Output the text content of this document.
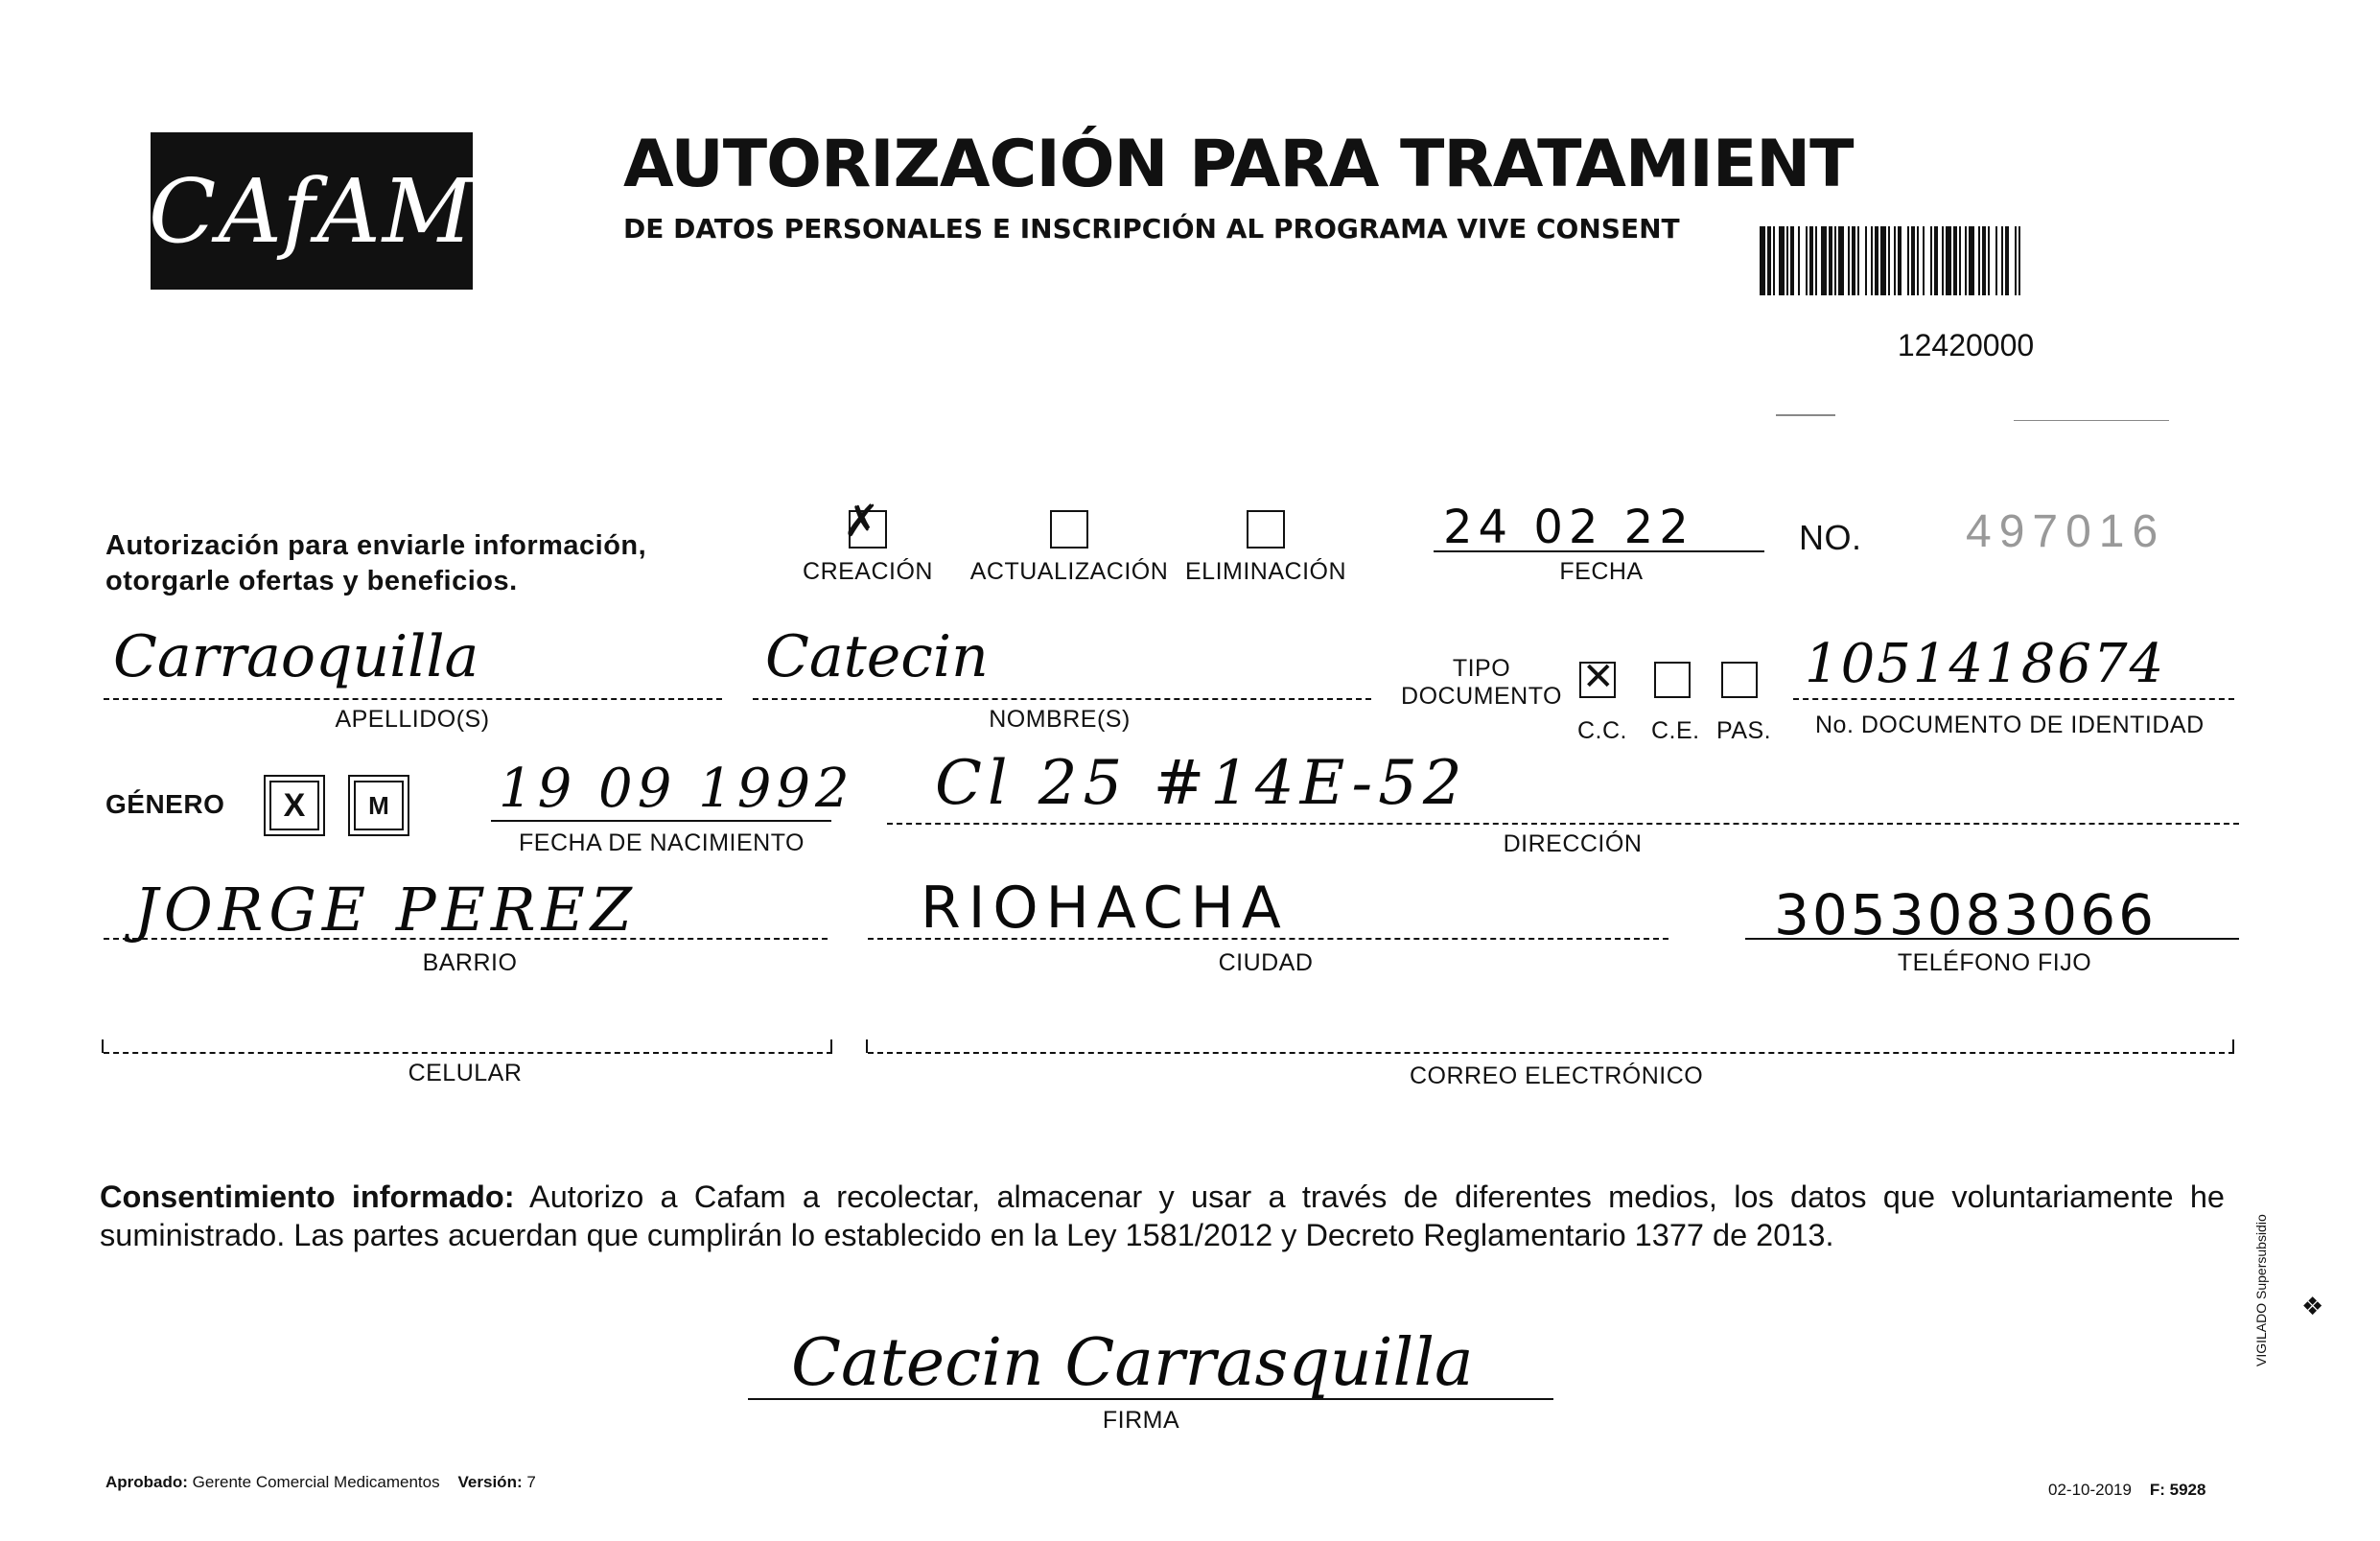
CAfAM AUTORIZACIÓN PARA TRATAMIENT
DE DATOS PERSONALES E INSCRIPCIÓN AL PROGRAMA VIVE CONSENT
12420000
Autorización para enviarle información,
otorgarle ofertas y beneficios.
✗
CREACIÓN ACTUALIZACIÓN ELIMINACIÓN
24 02 22
FECHA
NO. 497016
Carraoquilla
APELLIDO(S)
Catecin
NOMBRE(S)
TIPO
DOCUMENTO ✕
C.C. C.E. PAS.
1051418674
No. DOCUMENTO DE IDENTIDAD
GÉNERO X	M 19 09 1992
FECHA DE NACIMIENTO
Cl 25 #14E-52
DIRECCIÓN
JORGE PEREZ
BARRIO
RIOHACHA
CIUDAD
3053083066
TELÉFONO FIJO
CELULAR	CORREO ELECTRÓNICO
Consentimiento informado: Autorizo a Cafam a recolectar, almacenar y usar a través de diferentes medios, los datos que voluntariamente he suministrado. Las partes acuerdan que cumplirán lo establecido en la Ley 1581/2012 y Decreto Reglamentario 1377 de 2013.
Catecin Carrasquilla
FIRMA
Aprobado: Gerente Comercial Medicamentos Versión: 7	02-10-2019 F: 5928
❖
VIGILADO Supersubsidio
